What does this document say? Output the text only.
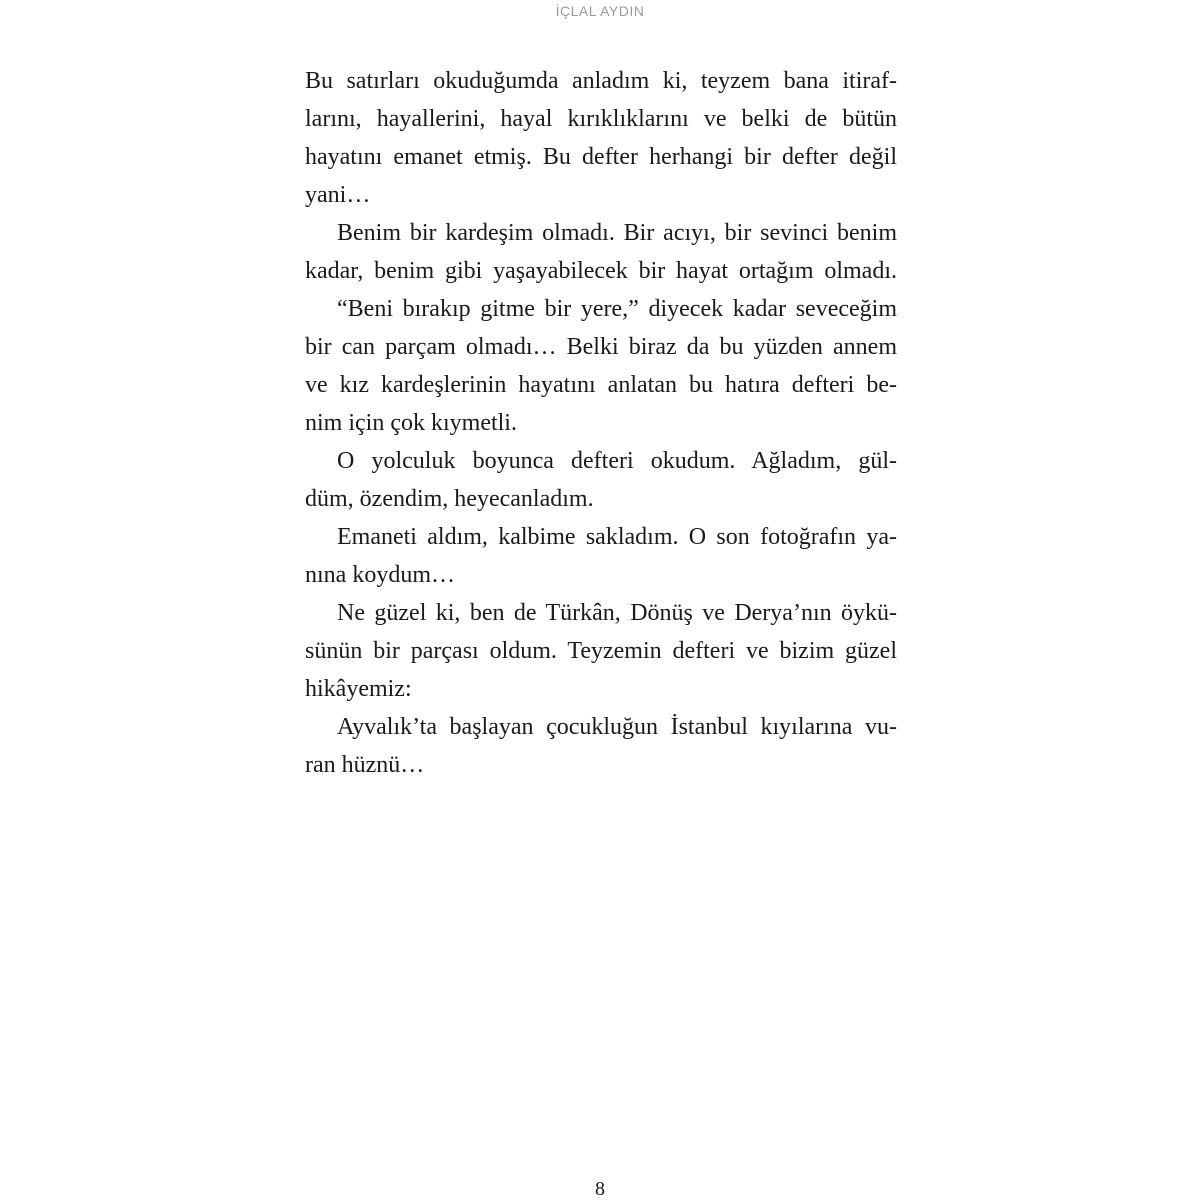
İÇLAL AYDIN
Bu satırları okuduğumda anladım ki, teyzem bana itiraf-
larını, hayallerini, hayal kırıklıklarını ve belki de bütün
hayatını emanet etmiş. Bu defter herhangi bir defter değil
yani…
Benim bir kardeşim olmadı. Bir acıyı, bir sevinci benim
kadar, benim gibi yaşayabilecek bir hayat ortağım olmadı.
“Beni bırakıp gitme bir yere,” diyecek kadar seveceğim
bir can parçam olmadı… Belki biraz da bu yüzden annem
ve kız kardeşlerinin hayatını anlatan bu hatıra defteri be-
nim için çok kıymetli.
O yolculuk boyunca defteri okudum. Ağladım, gül-
düm, özendim, heyecanladım.
Emaneti aldım, kalbime sakladım. O son fotoğrafın ya-
nına koydum…
Ne güzel ki, ben de Türkân, Dönüş ve Derya’nın öykü-
sünün bir parçası oldum. Teyzemin defteri ve bizim güzel
hikâyemiz:
Ayvalık’ta başlayan çocukluğun İstanbul kıyılarına vu-
ran hüznü…
8
